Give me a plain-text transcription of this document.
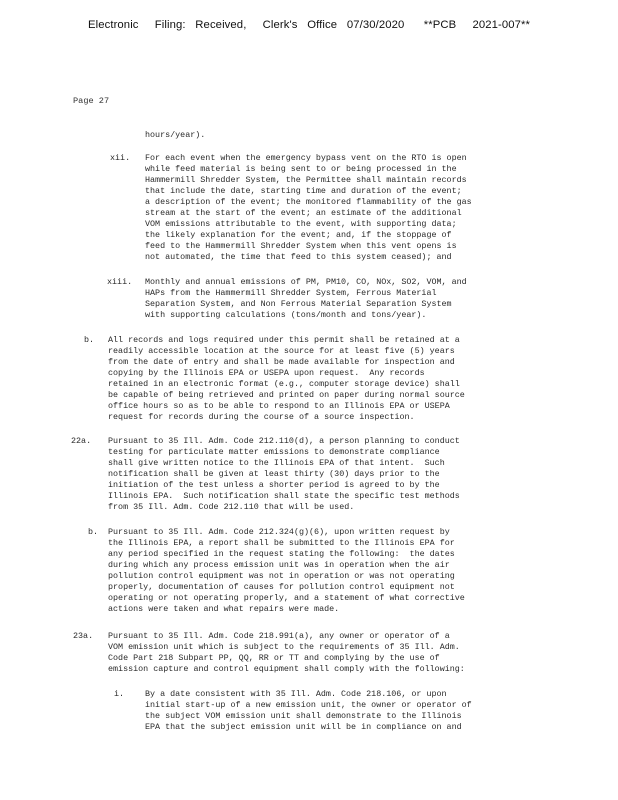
Electronic     Filing:   Received,     Clerk's   Office   07/30/2020      **PCB     2021-007**
Page 27
hours/year).
xii. For each event when the emergency bypass vent on the RTO is open
while feed material is being sent to or being processed in the
Hammermill Shredder System, the Permittee shall maintain records
that include the date, starting time and duration of the event;
a description of the event; the monitored flammability of the gas
stream at the start of the event; an estimate of the additional
VOM emissions attributable to the event, with supporting data;
the likely explanation for the event; and, if the stoppage of
feed to the Hammermill Shredder System when this vent opens is
not automated, the time that feed to this system ceased); and
xiii. Monthly and annual emissions of PM, PM10, CO, NOx, SO2, VOM, and
HAPs from the Hammermill Shredder System, Ferrous Material
Separation System, and Non Ferrous Material Separation System
with supporting calculations (tons/month and tons/year).
b. All records and logs required under this permit shall be retained at a
readily accessible location at the source for at least five (5) years
from the date of entry and shall be made available for inspection and
copying by the Illinois EPA or USEPA upon request.  Any records
retained in an electronic format (e.g., computer storage device) shall
be capable of being retrieved and printed on paper during normal source
office hours so as to be able to respond to an Illinois EPA or USEPA
request for records during the course of a source inspection.
22a. Pursuant to 35 Ill. Adm. Code 212.110(d), a person planning to conduct
testing for particulate matter emissions to demonstrate compliance
shall give written notice to the Illinois EPA of that intent.  Such
notification shall be given at least thirty (30) days prior to the
initiation of the test unless a shorter period is agreed to by the
Illinois EPA.  Such notification shall state the specific test methods
from 35 Ill. Adm. Code 212.110 that will be used.
b. Pursuant to 35 Ill. Adm. Code 212.324(g)(6), upon written request by
the Illinois EPA, a report shall be submitted to the Illinois EPA for
any period specified in the request stating the following:  the dates
during which any process emission unit was in operation when the air
pollution control equipment was not in operation or was not operating
properly, documentation of causes for pollution control equipment not
operating or not operating properly, and a statement of what corrective
actions were taken and what repairs were made.
23a. Pursuant to 35 Ill. Adm. Code 218.991(a), any owner or operator of a
VOM emission unit which is subject to the requirements of 35 Ill. Adm.
Code Part 218 Subpart PP, QQ, RR or TT and complying by the use of
emission capture and control equipment shall comply with the following:
i. By a date consistent with 35 Ill. Adm. Code 218.106, or upon
initial start-up of a new emission unit, the owner or operator of
the subject VOM emission unit shall demonstrate to the Illinois
EPA that the subject emission unit will be in compliance on and
